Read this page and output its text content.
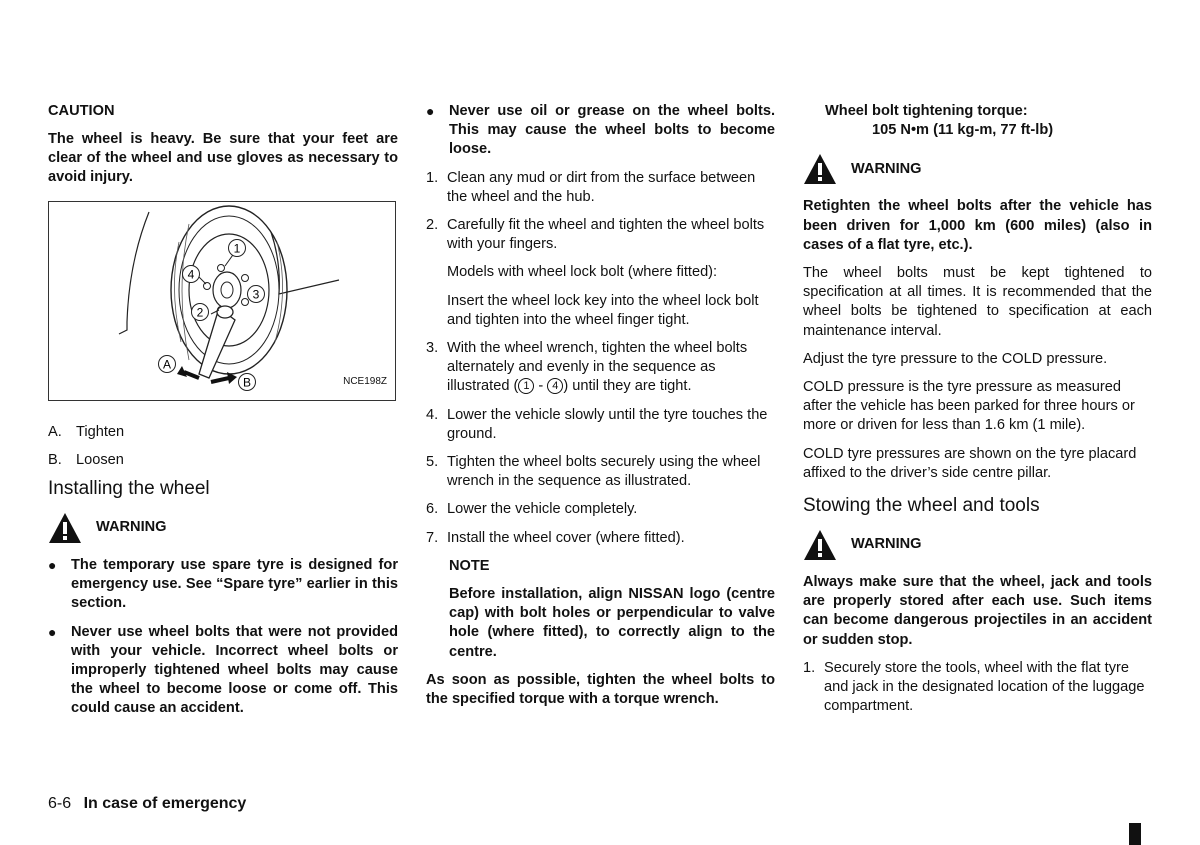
CAUTION

The wheel is heavy. Be sure that your feet are clear of the wheel and use gloves as necessary to avoid injury.

1
2
3
4
A
B	NCE198Z
A. Tighten
B. Loosen
Installing the wheel
WARNING
● The temporary use spare tyre is designed for emergency use. See “Spare tyre” earlier in this section.
● Never use wheel bolts that were not provided with your vehicle. Incorrect wheel bolts or improperly tightened wheel bolts may cause the wheel to become loose or come off. This could cause an accident.
● Never use oil or grease on the wheel bolts. This may cause the wheel bolts to become loose.
1. Clean any mud or dirt from the surface between the wheel and the hub.
2. Carefully fit the wheel and tighten the wheel bolts with your fingers.

Models with wheel lock bolt (where fitted):

Insert the wheel lock key into the wheel lock bolt and tighten into the wheel finger tight.

3. With the wheel wrench, tighten the wheel bolts alternately and evenly in the sequence as illustrated ( 1 - 4 ) until they are tight.
4. Lower the vehicle slowly until the tyre touches the ground.
5. Tighten the wheel bolts securely using the wheel wrench in the sequence as illustrated.
6. Lower the vehicle completely.
7. Install the wheel cover (where fitted).

NOTE

Before installation, align NISSAN logo (centre cap) with bolt holes or perpendicular to valve hole (where fitted), to correctly align to the centre.

As soon as possible, tighten the wheel bolts to the specified torque with a torque wrench.

Wheel bolt tightening torque:

105 N•m (11 kg-m, 77 ft-lb)

WARNING

Retighten the wheel bolts after the vehicle has been driven for 1,000 km (600 miles) (also in cases of a flat tyre, etc.).

The wheel bolts must be kept tightened to specification at all times. It is recommended that the wheel bolts be tightened to specification at each maintenance interval.

Adjust the tyre pressure to the COLD pressure.

COLD pressure is the tyre pressure as measured after the vehicle has been parked for three hours or more or driven for less than 1.6 km (1 mile).

COLD tyre pressures are shown on the tyre placard affixed to the driver’s side centre pillar.

Stowing the wheel and tools
WARNING

Always make sure that the wheel, jack and tools are properly stored after each use. Such items can become dangerous projectiles in an accident or sudden stop.

1. Securely store the tools, wheel with the flat tyre and jack in the designated location of the luggage compartment.
6-6 In case of emergency
